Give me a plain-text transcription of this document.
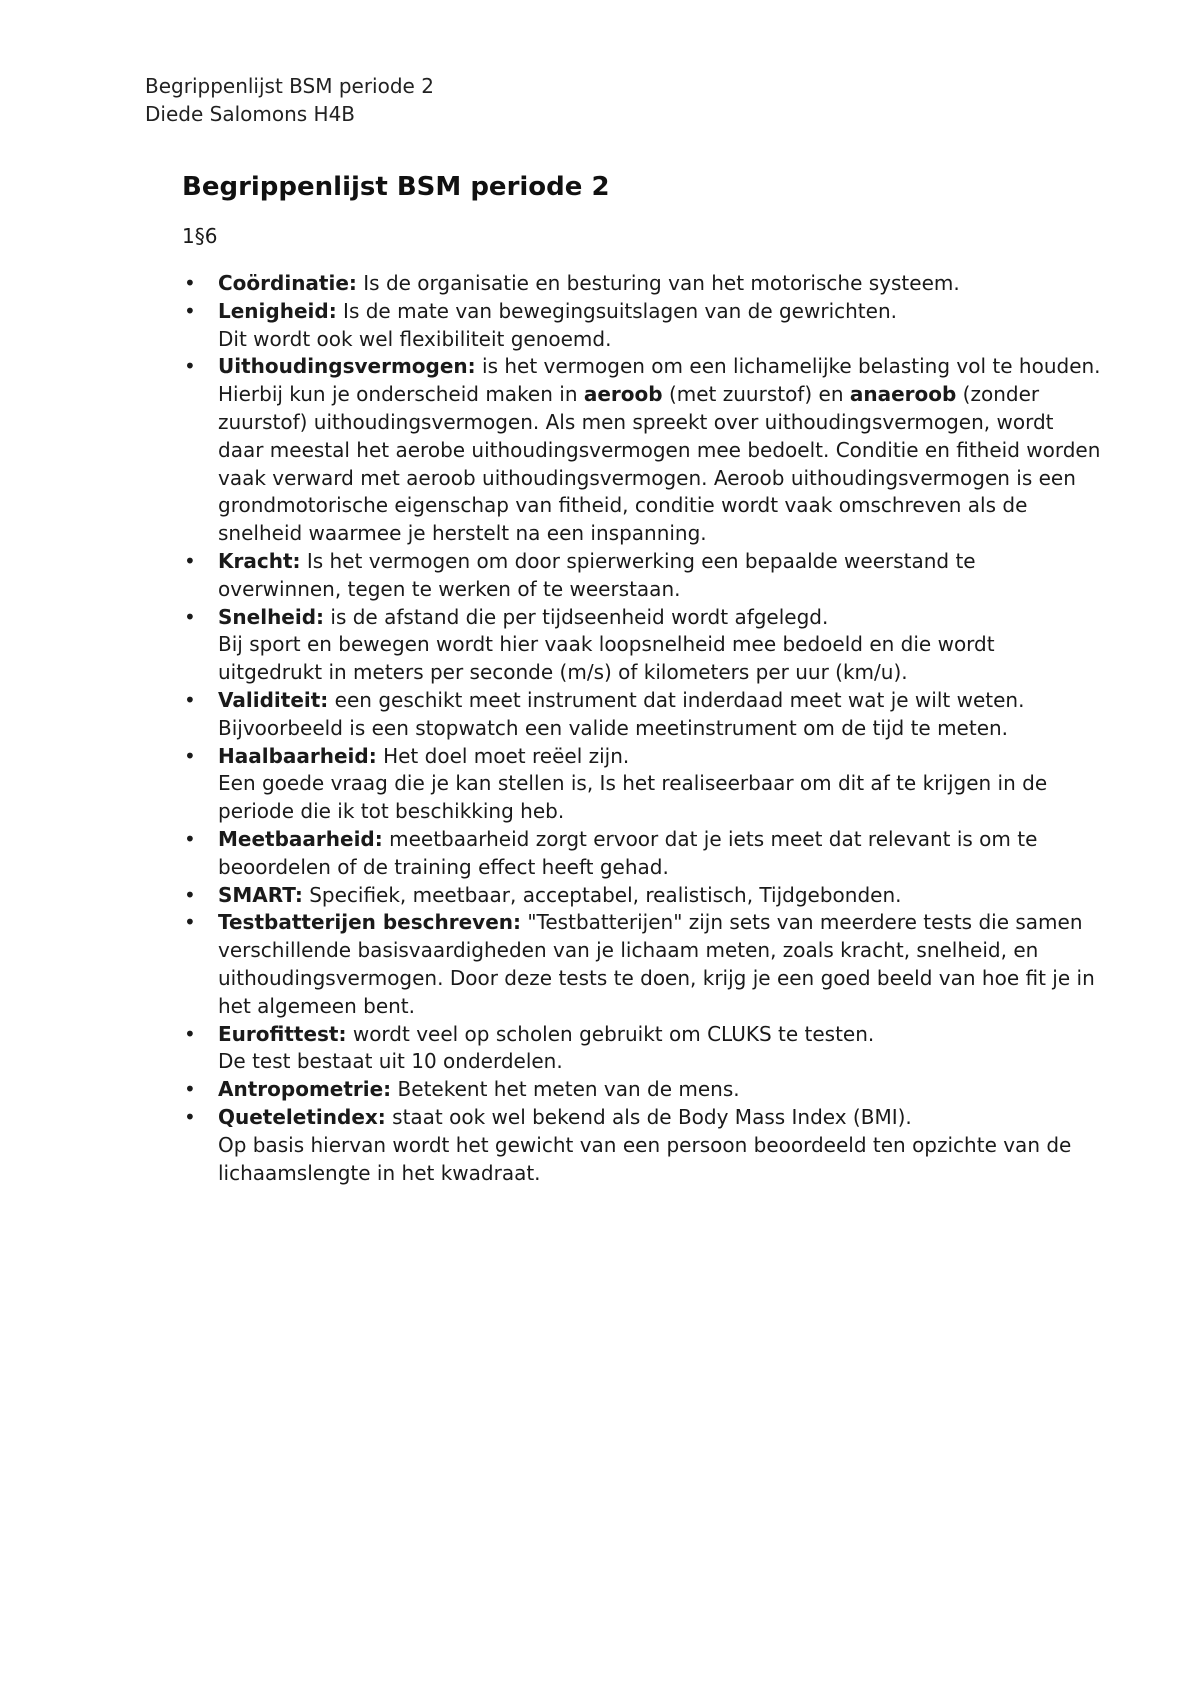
Begrippenlijst BSM periode 2
Diede Salomons H4B
Begrippenlijst BSM periode 2
1§6
• Coördinatie: Is de organisatie en besturing van het motorische systeem.
• Lenigheid: Is de mate van bewegingsuitslagen van de gewrichten.
Dit wordt ook wel flexibiliteit genoemd.
• Uithoudingsvermogen: is het vermogen om een lichamelijke belasting vol te houden.
Hierbij kun je onderscheid maken in aeroob (met zuurstof) en anaeroob (zonder zuurstof) uithoudingsvermogen. Als men spreekt over uithoudingsvermogen, wordt daar meestal het aerobe uithoudingsvermogen mee bedoelt. Conditie en fitheid worden vaak verward met aeroob uithoudingsvermogen. Aeroob uithoudingsvermogen is een grondmotorische eigenschap van fitheid, conditie wordt vaak omschreven als de snelheid waarmee je herstelt na een inspanning.
• Kracht: Is het vermogen om door spierwerking een bepaalde weerstand te overwinnen, tegen te werken of te weerstaan.
• Snelheid: is de afstand die per tijdseenheid wordt afgelegd.
Bij sport en bewegen wordt hier vaak loopsnelheid mee bedoeld en die wordt uitgedrukt in meters per seconde (m/s) of kilometers per uur (km/u).
• Validiteit: een geschikt meet instrument dat inderdaad meet wat je wilt weten.
Bijvoorbeeld is een stopwatch een valide meetinstrument om de tijd te meten.
• Haalbaarheid: Het doel moet reëel zijn.
Een goede vraag die je kan stellen is, Is het realiseerbaar om dit af te krijgen in de periode die ik tot beschikking heb.
• Meetbaarheid: meetbaarheid zorgt ervoor dat je iets meet dat relevant is om te beoordelen of de training effect heeft gehad.
• SMART: Specifiek, meetbaar, acceptabel, realistisch, Tijdgebonden.
• Testbatterijen beschreven: "Testbatterijen" zijn sets van meerdere tests die samen verschillende basisvaardigheden van je lichaam meten, zoals kracht, snelheid, en uithoudingsvermogen. Door deze tests te doen, krijg je een goed beeld van hoe fit je in het algemeen bent.
• Eurofittest: wordt veel op scholen gebruikt om CLUKS te testen.
De test bestaat uit 10 onderdelen.
• Antropometrie: Betekent het meten van de mens.
• Queteletindex: staat ook wel bekend als de Body Mass Index (BMI).
Op basis hiervan wordt het gewicht van een persoon beoordeeld ten opzichte van de lichaamslengte in het kwadraat.
